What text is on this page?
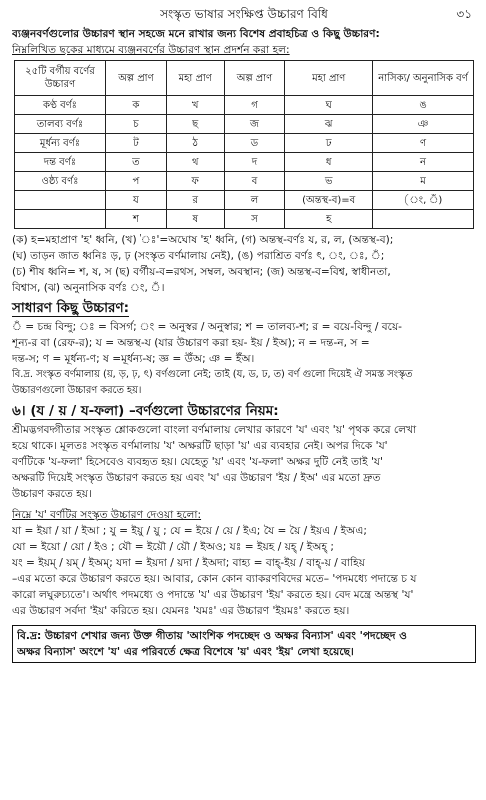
সংস্কৃত ভাষার সংক্ষিপ্ত উচ্চারণ বিধি	৩১
ব্যঞ্জনবর্ণগুলোর উচ্চারণ স্থান সহজে মনে রাখার জন্য বিশেষ প্রবাহচিত্র ও কিছু উচ্চারণ:
নিম্নলিখিত ছকের মাধ্যমে ব্যঞ্জনবর্ণের উচ্চারণ স্থান প্রদর্শন করা হল:
২৫টি বর্গীয় বর্ণের উচ্চারণ	অল্প প্রাণ	মহা প্রাণ	অল্প প্রাণ	মহা প্রাণ	নাসিক্য/ অনুনাসিক বর্ণ
কণ্ঠ বর্ণঃ	ক	খ	গ	ঘ	ঙ
তালব্য বর্ণঃ	চ	ছ	জ	ঝ	ঞ
মূর্ধন্য বর্ণঃ	ট	ঠ	ড	ঢ	ণ
দন্ত বর্ণঃ	ত	থ	দ	ধ	ন
ওষ্ঠ্য বর্ণঃ	প	ফ	ব	ভ	ম
	য	র	ল	(অন্তস্থ-ব)=ব	(ং, ঁ)
	শ	ষ	স	হ	
(ক) হ=মহাপ্রাণ 'হ' ধ্বনি, (খ) 'ঃ'=অঘোষ 'হ' ধ্বনি, (গ) অন্তস্থ-বর্ণঃ য, র, ল, (অন্তস্থ-ব);
(ঘ) তাড়ন জাত ধ্বনিঃ ড়, ঢ় (সংস্কৃত বর্ণমালায় নেই), (ঙ) পরাশ্রিত বর্ণঃ ৎ, ং, ঃ, ঁ;
(চ) শীষ ধ্বনি= শ, ষ, স (ছ) বর্গীয়-ব=রথস, সম্বল, অবস্থান; (জ) অন্তস্থ-ব=বিশ্ব, স্বাধীনতা,
বিশ্বাস, (ঝ) অনুনাসিক বর্ণঃ ং, ঁ।
সাধারণ কিছু উচ্চারণ:
ঁ = চন্দ্র বিন্দু; ঃ = বিসর্গ; ং = অনুস্বর / অনুস্বার; শ = তালব্য-শ; র = বয়ে-বিন্দু / বয়ে-
শূন্য-র বা (রেফ-র); য = অন্তস্থ-য (যার উচ্চারণ করা হয়- ইয় / ইঅ); ন = দন্ত-ন, স =
দন্ত-স; ণ = মূর্ধন্য-ণ; ষ =মূর্ধন্য-ষ; জ্ঞ = উঁঅ; ঞ = ইঁঅ।
বি.দ্র. সংস্কৃত বর্ণমালায় (য়, ড়, ঢ়, ৎ) বর্ণগুলো নেই; তাই (য, ড, ঢ, ত) বর্ণ গুলো দিয়েই ঐ সমস্ত সংস্কৃত
উচ্চারণগুলো উচ্চারণ করতে হয়।
৬। (য / য় / য-ফলা) –বর্ণগুলো উচ্চারণের নিয়ম:
শ্রীমদ্ভগবদ্গীতার সংস্কৃত শ্লোকগুলো বাংলা বর্ণমালায় লেখার কারণে 'য' এবং 'য়' পৃথক করে লেখা
হয়ে থাকে। মূলতঃ সংস্কৃত বর্ণমালায় 'য' অক্ষরটি ছাড়া 'য়' এর ব্যবহার নেই। অপর দিকে 'য'
বর্ণটিকে 'য-ফলা' হিসেবেও ব্যবহৃত হয়। যেহেতু 'য়' এবং 'য-ফলা' অক্ষর দুটি নেই তাই 'য'
অক্ষরটি দিয়েই সংস্কৃত উচ্চারণ করতে হয় এবং 'য' এর উচ্চারণ 'ইয় / ইঅ' এর মতো দ্রুত
উচ্চারণ করতে হয়।
নিম্নে 'য' বর্ণটির সংস্কৃত উচ্চারণ দেওয়া হলো:
যা = ইয়া / য়া / ইআ ; যু = ইয়ু / য়ু ; যে = ইয়ে / য়ে / ইএ; যৈ = য়ৈ / ইয়এ / ইঅএ;
যো = ইয়ো / য়ো / ইও ; যৌ = ইয়ৌ / য়ৌ / ইঅও; যঃ = ইয়হ / য়হ্ / ইঅহ্ ;
যং = ইয়ম্ / য়ম্ / ইঅম্; যদা = ইয়দা / য়দা / ইঅদা; বাহ্য = বাহ্-ইয় / বাহ্-য় / বাহিয়
–এর মতো করে উচ্চারণ করতে হয়। আবার, কোন কোন ব্যাকরণবিদের মতে– 'পদমধ্যে পদান্তে চ য
কারো লঘুরুচ্যতে'। অর্থাৎ পদমধ্যে ও পদান্তে 'য' এর উচ্চারণ 'ইয়' করতে হয়। বেদ মন্ত্রে অন্তস্থ 'য'
এর উচ্চারণ সর্বদা 'ইয়' করিতে হয়। যেমনঃ 'যমঃ' এর উচ্চারণ 'ইয়মঃ' করতে হয়।
বি.দ্র: উচ্চারণ শেখার জন্য উক্ত গীতায় 'আংশিক পদচ্ছেদ ও অক্ষর বিন্যাস' এবং 'পদচ্ছেদ ও
অক্ষর বিন্যাস' অংশে 'য' এর পরিবর্তে ক্ষেত্র বিশেষে 'য়' এবং 'ইয়' লেখা হয়েছে।
